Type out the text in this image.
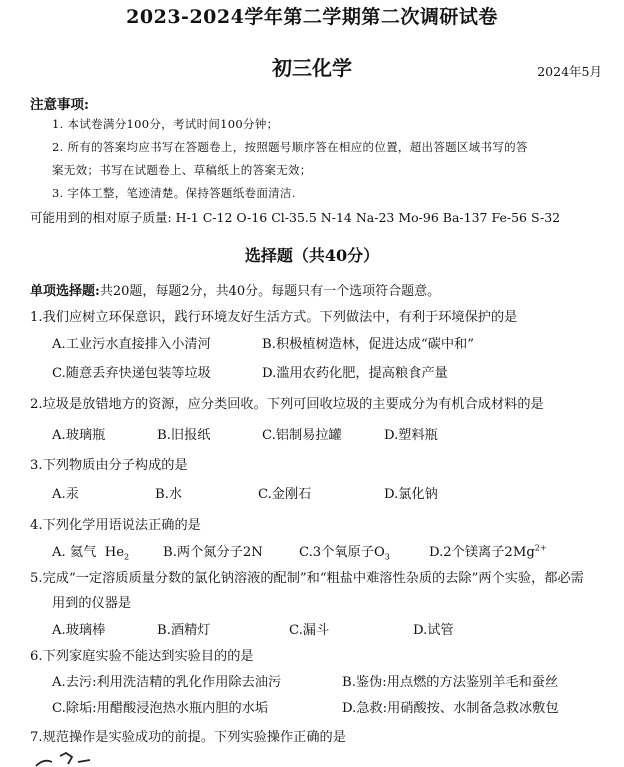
2023-2024学年第二学期第二次调研试卷
初三化学	2024年5月
注意事项:
1. 本试卷满分100分，考试时间100分钟；
2. 所有的答案均应书写在答题卷上，按照题号顺序答在相应的位置，超出答题区域书写的答
案无效；书写在试题卷上、草稿纸上的答案无效；
3. 字体工整，笔迹清楚。保持答题纸卷面清洁.
可能用到的相对原子质量: H-1 C-12 O-16 Cl-35.5 N-14 Na-23 Mo-96 Ba-137 Fe-56 S-32
选择题（共40分）
单项选择题:共20题，每题2分，共40分。每题只有一个选项符合题意。
1.我们应树立环保意识，践行环境友好生活方式。下列做法中，有利于环境保护的是
A.工业污水直接排入小清河	B.积极植树造林，促进达成“碳中和”
C.随意丢弃快递包装等垃圾	D.滥用农药化肥，提高粮食产量
2.垃圾是放错地方的资源，应分类回收。下列可回收垃圾的主要成分为有机合成材料的是
A.玻璃瓶	B.旧报纸	C.铝制易拉罐	D.塑料瓶
3.下列物质由分子构成的是
A.汞	B.水	C.金刚石	D.氯化钠
4.下列化学用语说法正确的是
A. 氦气 $He_2$	B.两个氮分子2N	C.3个氧原子$O_3$	D.2个镁离子$2Mg^{2+}$
5.完成“一定溶质质量分数的氯化钠溶液的配制”和“粗盐中难溶性杂质的去除”两个实验，都必需
用到的仪器是
A.玻璃棒	B.酒精灯	C.漏斗	D.试管
6.下列家庭实验不能达到实验目的的是
A.去污:利用洗洁精的乳化作用除去油污	B.鉴伪:用点燃的方法鉴别羊毛和蚕丝
C.除垢:用醋酸浸泡热水瓶内胆的水垢	D.急救:用硝酸按、水制备急救冰敷包
7.规范操作是实验成功的前提。下列实验操作正确的是
